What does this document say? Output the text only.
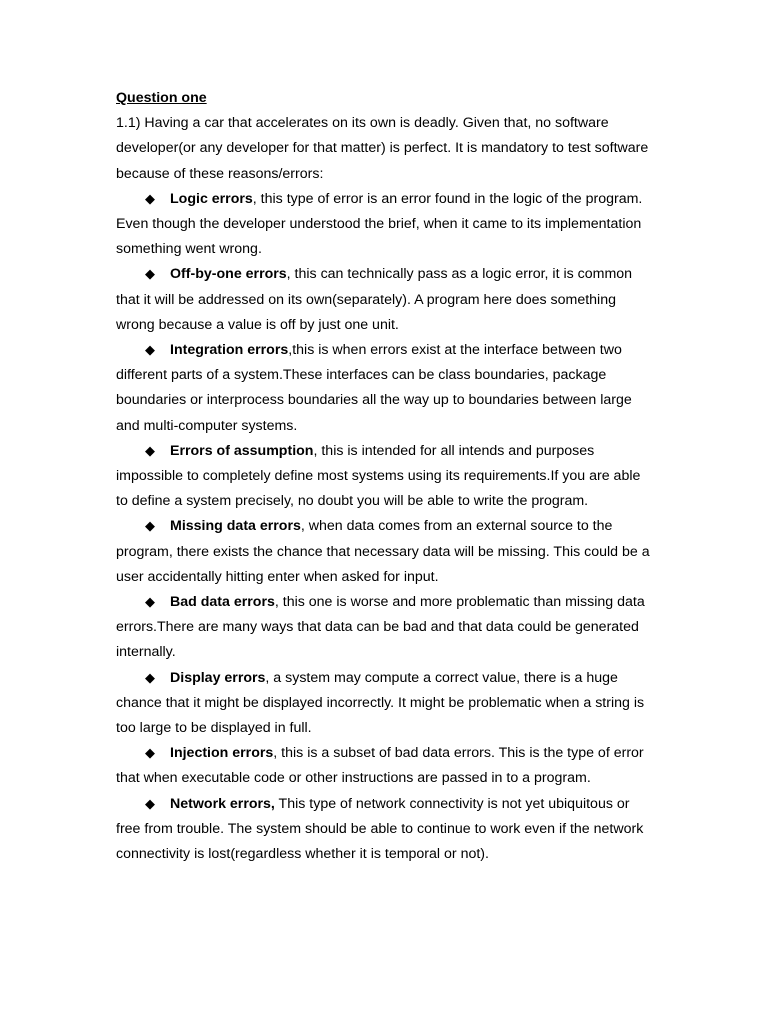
Question one

1.1) Having a car that accelerates on its own is deadly. Given that, no software developer(or any developer for that matter) is perfect. It is mandatory to test software because of these reasons/errors:

◆ Logic errors, this type of error is an error found in the logic of the program. Even though the developer understood the brief, when it came to its implementation something went wrong.

◆ Off-by-one errors, this can technically pass as a logic error, it is common that it will be addressed on its own(separately). A program here does something wrong because a value is off by just one unit.

◆ Integration errors,this is when errors exist at the interface between two different parts of a system.These interfaces can be class boundaries, package boundaries or interprocess boundaries all the way up to boundaries between large and multi-computer systems.

◆ Errors of assumption, this is intended for all intends and purposes impossible to completely define most systems using its requirements.If you are able to define a system precisely, no doubt you will be able to write the program.

◆ Missing data errors, when data comes from an external source to the program, there exists the chance that necessary data will be missing. This could be a user accidentally hitting enter when asked for input.

◆ Bad data errors, this one is worse and more problematic than missing data errors.There are many ways that data can be bad and that data could be generated internally.

◆ Display errors, a system may compute a correct value, there is a huge chance that it might be displayed incorrectly. It might be problematic when a string is too large to be displayed in full.

◆ Injection errors, this is a subset of bad data errors. This is the type of error that when executable code or other instructions are passed in to a program.

◆ Network errors, This type of network connectivity is not yet ubiquitous or free from trouble. The system should be able to continue to work even if the network connectivity is lost(regardless whether it is temporal or not).
